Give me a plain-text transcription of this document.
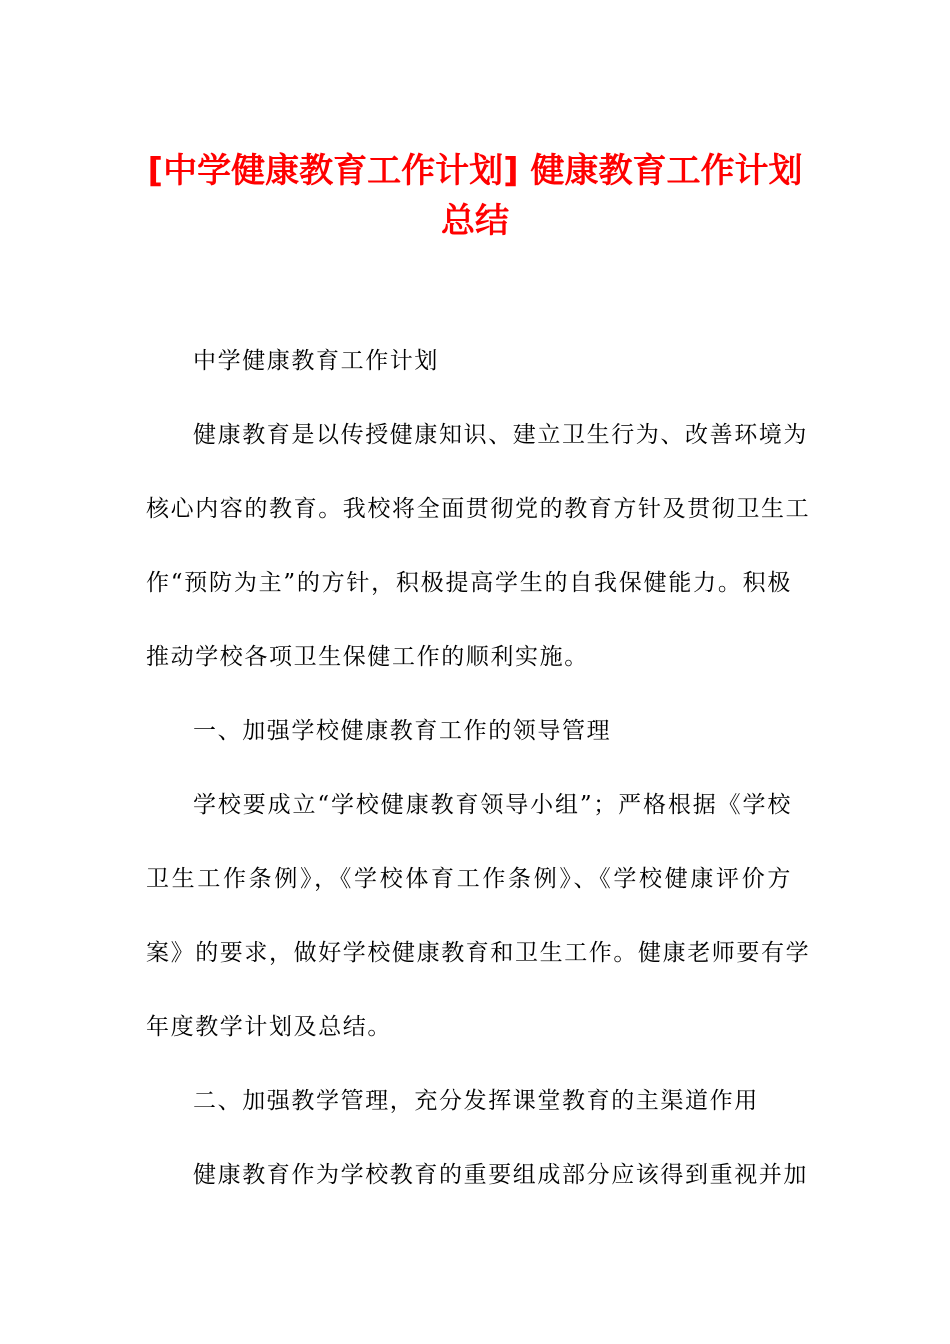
[中学健康教育工作计划] 健康教育工作计划
总结

中学健康教育工作计划

健康教育是以传授健康知识、建立卫生行为、改善环境为
核心内容的教育。我校将全面贯彻党的教育方针及贯彻卫生工
作“预防为主”的方针，积极提高学生的自我保健能力。积极
推动学校各项卫生保健工作的顺利实施。

一、加强学校健康教育工作的领导管理

学校要成立“学校健康教育领导小组”；严格根据《学校
卫生工作条例》，《学校体育工作条例》、《学校健康评价方
案》的要求，做好学校健康教育和卫生工作。健康老师要有学
年度教学计划及总结。

二、加强教学管理，充分发挥课堂教育的主渠道作用

健康教育作为学校教育的重要组成部分应该得到重视并加
